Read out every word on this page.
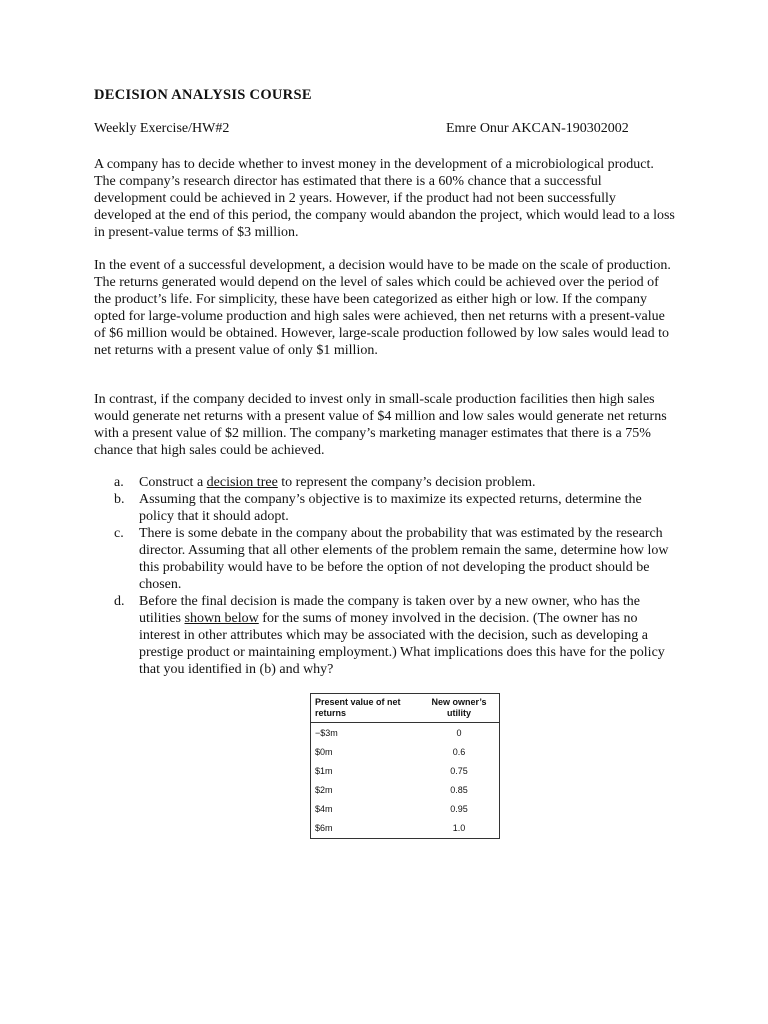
DECISION ANALYSIS COURSE
Weekly Exercise/HW#2	Emre Onur AKCAN-190302002

A company has to decide whether to invest money in the development of a microbiological product. The company’s research director has estimated that there is a 60% chance that a successful development could be achieved in 2 years. However, if the product had not been successfully developed at the end of this period, the company would abandon the project, which would lead to a loss in present-value terms of $3 million.

In the event of a successful development, a decision would have to be made on the scale of production. The returns generated would depend on the level of sales which could be achieved over the period of the product’s life. For simplicity, these have been categorized as either high or low. If the company opted for large-volume production and high sales were achieved, then net returns with a present-value of $6 million would be obtained. However, large-scale production followed by low sales would lead to net returns with a present value of only $1 million.

In contrast, if the company decided to invest only in small-scale production facilities then high sales would generate net returns with a present value of $4 million and low sales would generate net returns with a present value of $2 million. The company’s marketing manager estimates that there is a 75% chance that high sales could be achieved.

a. Construct a decision tree to represent the company’s decision problem.
b. Assuming that the company’s objective is to maximize its expected returns, determine the policy that it should adopt.
c. There is some debate in the company about the probability that was estimated by the research director. Assuming that all other elements of the problem remain the same, determine how low this probability would have to be before the option of not developing the product should be chosen.
d. Before the final decision is made the company is taken over by a new owner, who has the utilities shown below for the sums of money involved in the decision. (The owner has no interest in other attributes which may be associated with the decision, such as developing a prestige product or maintaining employment.) What implications does this have for the policy that you identified in (b) and why?
Present value of net returns	New owner’s utility
−$3m	0
$0m	0.6
$1m	0.75
$2m	0.85
$4m	0.95
$6m	1.0
